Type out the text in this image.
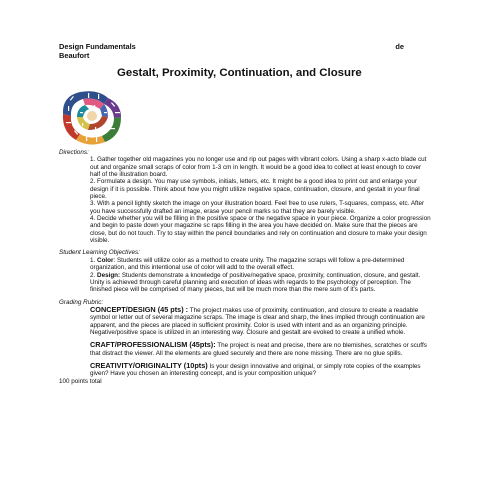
Design Fundamentals	de
Beaufort
Gestalt, Proximity, Continuation, and Closure

Directions:

1. Gather together old magazines you no longer use and rip out pages with vibrant colors. Using a sharp x-acto blade cut out and organize small scraps of color from 1-3 cm in length. It would be a good idea to collect at least enough to cover half of the illustration board.

2. Formulate a design. You may use symbols, initials, letters, etc. It might be a good idea to print out and enlarge your design if it is possible. Think about how you might utilize negative space, continuation, closure, and gestalt in your final piece.

3. With a pencil lightly sketch the image on your illustration board. Feel free to use rulers, T-squares, compass, etc. After you have successfully drafted an image, erase your pencil marks so that they are barely visible.

4. Decide whether you will be filling in the positive space or the negative space in your piece. Organize a color progression and begin to paste down your magazine sc raps filling in the area you have decided on. Make sure that the pieces are close, but do not touch. Try to stay within the pencil boundaries and rely on continuation and closure to make your design visible.

Student Learning Objectives:

1. Color: Students will utilize color as a method to create unity. The magazine scraps will follow a pre-determined organization, and this intentional use of color will add to the overall effect.

2. Design: Students demonstrate a knowledge of positive/negative space, proximity, continuation, closure, and gestalt. Unity is achieved through careful planning and execution of ideas with regards to the psychology of perception. The finished piece will be comprised of many pieces, but will be much more than the mere sum of it's parts.

Grading Rubric:

CONCEPT/DESIGN (45 pts) : The project makes use of proximity, continuation, and closure to create a readable symbol or letter out of several magazine scraps. The image is clear and sharp, the lines implied through continuation are apparent, and the pieces are placed in sufficient proximity. Color is used with intent and as an organizing principle. Negative/positive space is utilized in an interesting way. Closure and gestalt are evoked to create a unified whole.

CRAFT/PROFESSIONALISM (45pts): The project is neat and precise, there are no blemishes, scratches or scuffs that distract the viewer. All the elements are glued securely and there are none missing. There are no glue spills.

CREATIVITY/ORIGINALITY (10pts) Is your design innovative and original, or simply rote copies of the examples given? Have you chosen an interesting concept, and is your composition unique?

100 points total
